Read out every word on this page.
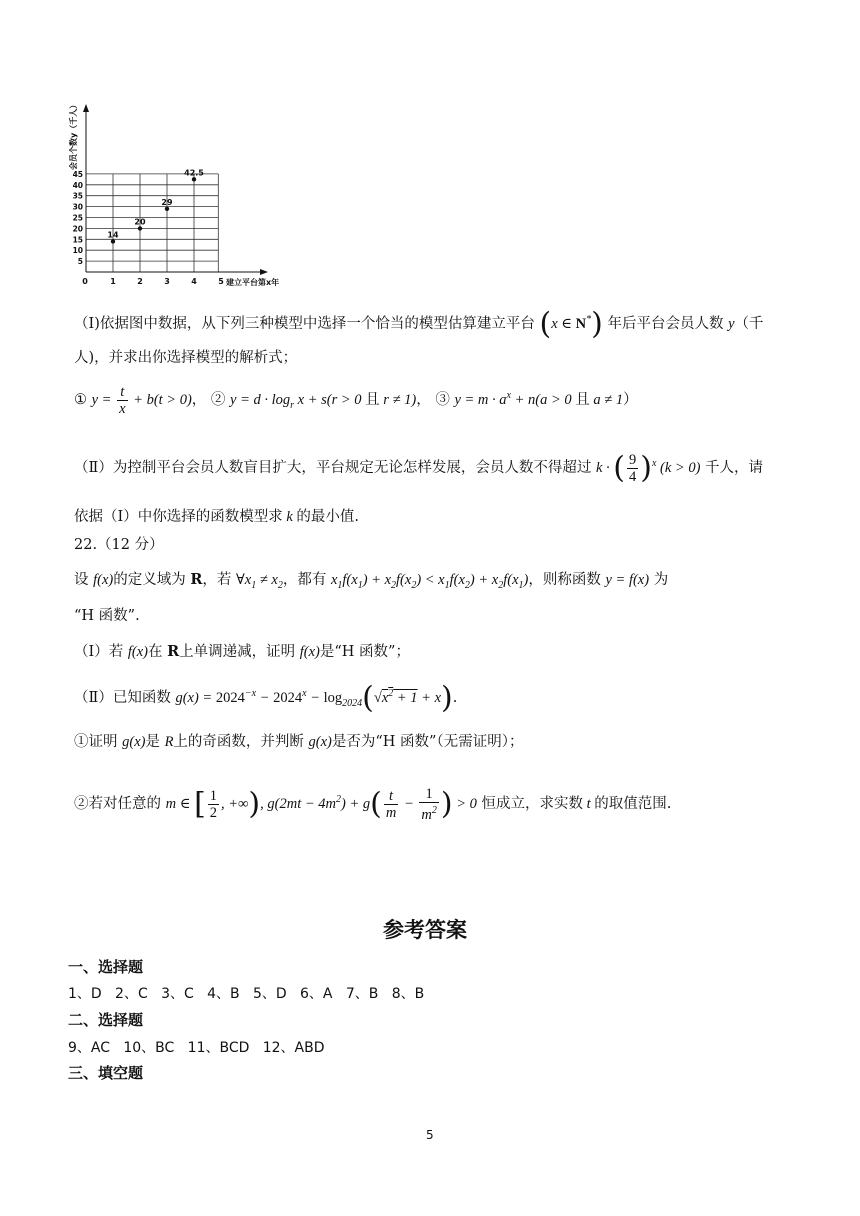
0	1	2	3	4	5
5
10
15
20
25
30
35
40
45
14
20
29
42.5
会员个数y（千人）
建立平台第x年
（Ⅰ)依据图中数据，从下列三种模型中选择一个恰当的模型估算建立平台 (x ∈ N*) 年后平台会员人数 y（千
人)，并求出你选择模型的解析式；
① $y = \frac{t}{x} + b(t > 0)$， ② $y = d \cdot \log_r x + s(r > 0$ 且 r ≠ 1)， ③ $y = m \cdot a^x + n(a > 0$ 且 a ≠ 1）
（Ⅱ）为控制平台会员人数盲目扩大，平台规定无论怎样发展，会员人数不得超过 k · ( $\frac{9}{4} )^x$ (k > 0) 千人，请
依据（Ⅰ）中你选择的函数模型求 k 的最小值.
22.（12 分）
设 f(x)的定义域为 R，若 $\forall x_1 \ne x_2$，都有 $x_1f(x_1) + x_2f(x_2) < x_1f(x_2) + x_2f(x_1)$，则称函数 y = f(x) 为
“H 函数”.
（Ⅰ）若 f(x)在 R上单调递减，证明 f(x)是“H 函数”；
（Ⅱ）已知函数 $g(x) = 2024^{-x} - 2024^x - \log_{2024}(√x^2 + 1 + x)$.
①证明 g(x)是 R上的奇函数，并判断 g(x)是否为“H 函数”（无需证明）；
②若对任意的 m ∈ [ $\frac{1}{2}$ , +∞), $g(2mt - 4m^2) + g( \frac{t}{m} - \frac{1}{m^2}$ ) > 0 恒成立，求实数 t 的取值范围.
参考答案
一、选择题
1、D   2、C   3、C   4、B   5、D   6、A   7、B   8、B
二、选择题
9、AC   10、BC   11、BCD   12、ABD
三、填空题
5
